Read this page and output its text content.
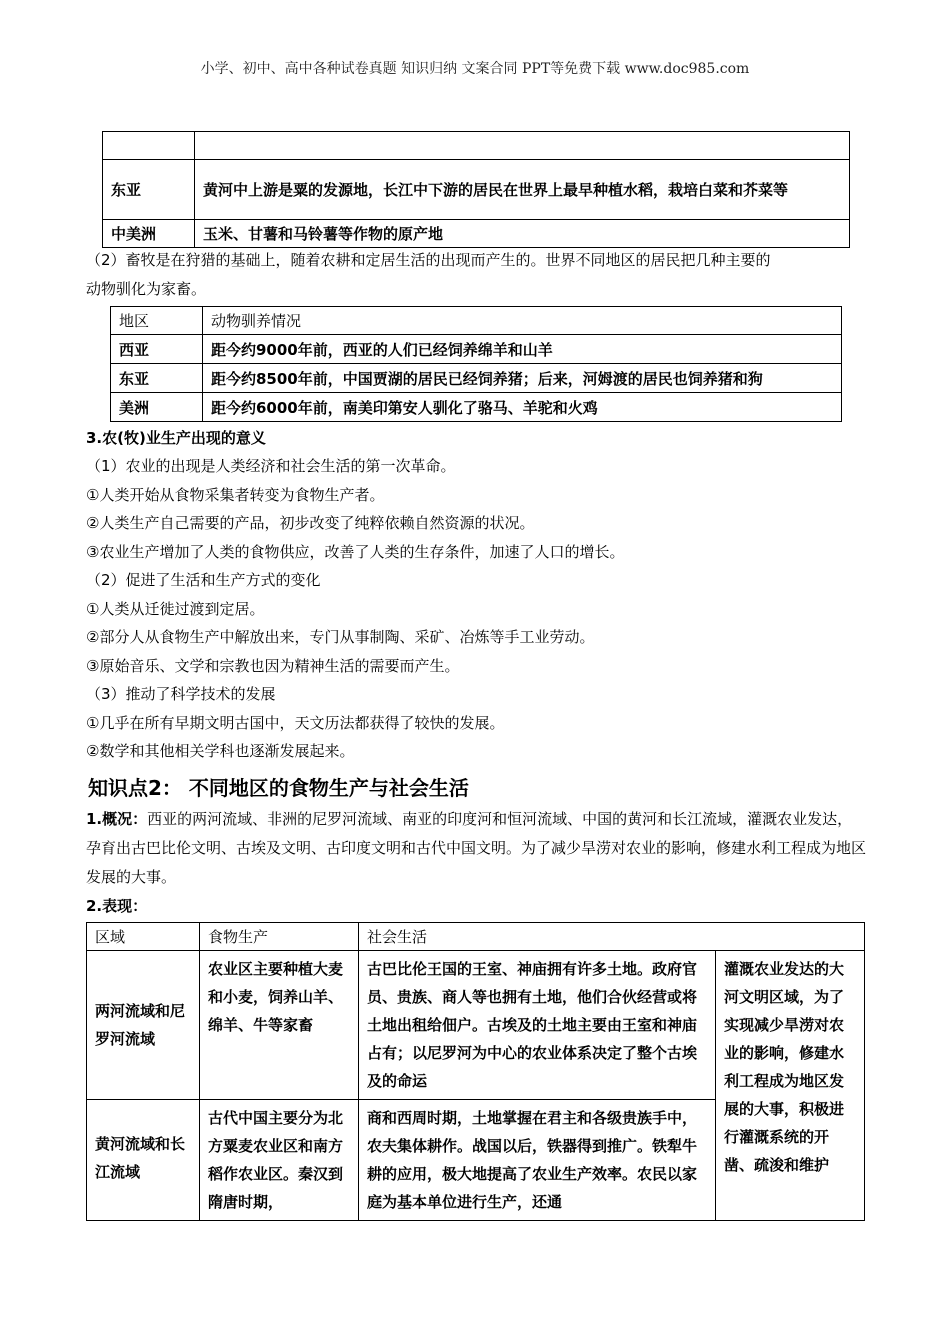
小学、初中、高中各种试卷真题 知识归纳 文案合同 PPT等免费下载 www.doc985.com

东亚	黄河中上游是粟的发源地，长江中下游的居民在世界上最早种植水稻，栽培白菜和芥菜等
中美洲	玉米、甘薯和马铃薯等作物的原产地
（2）畜牧是在狩猎的基础上，随着农耕和定居生活的出现而产生的。世界不同地区的居民把几种主要的
动物驯化为家畜。
地区	动物驯养情况
西亚	距今约9000年前，西亚的人们已经饲养绵羊和山羊
东亚	距今约8500年前，中国贾湖的居民已经饲养猪；后来，河姆渡的居民也饲养猪和狗
美洲	距今约6000年前，南美印第安人驯化了骆马、羊驼和火鸡
3.农(牧)业生产出现的意义
（1）农业的出现是人类经济和社会生活的第一次革命。
①人类开始从食物采集者转变为食物生产者。
②人类生产自己需要的产品，初步改变了纯粹依赖自然资源的状况。
③农业生产增加了人类的食物供应，改善了人类的生存条件，加速了人口的增长。
（2）促进了生活和生产方式的变化
①人类从迁徙过渡到定居。
②部分人从食物生产中解放出来，专门从事制陶、采矿、冶炼等手工业劳动。
③原始音乐、文学和宗教也因为精神生活的需要而产生。
（3）推动了科学技术的发展
①几乎在所有早期文明古国中，天文历法都获得了较快的发展。
②数学和其他相关学科也逐渐发展起来。
知识点2： 不同地区的食物生产与社会生活
1.概况：西亚的两河流域、非洲的尼罗河流域、南亚的印度河和恒河流域、中国的黄河和长江流域，灌溉农业发达，孕育出古巴比伦文明、古埃及文明、古印度文明和古代中国文明。为了减少旱涝对农业的影响，修建水利工程成为地区发展的大事。
2.表现：
区域	食物生产	社会生活	
两河流域和尼罗河流域	农业区主要种植大麦和小麦，饲养山羊、绵羊、牛等家畜	古巴比伦王国的王室、神庙拥有许多土地。政府官员、贵族、商人等也拥有土地，他们合伙经营或将土地出租给佃户。古埃及的土地主要由王室和神庙占有；以尼罗河为中心的农业体系决定了整个古埃及的命运	灌溉农业发达的大河文明区域，为了实现减少旱涝对农业的影响，修建水利工程成为地区发展的大事，积极进行灌溉系统的开凿、疏浚和维护
黄河流域和长江流域	古代中国主要分为北方粟麦农业区和南方稻作农业区。秦汉到隋唐时期，	商和西周时期，土地掌握在君主和各级贵族手中，农夫集体耕作。战国以后，铁器得到推广。铁犁牛耕的应用，极大地提高了农业生产效率。农民以家庭为基本单位进行生产，还通	
